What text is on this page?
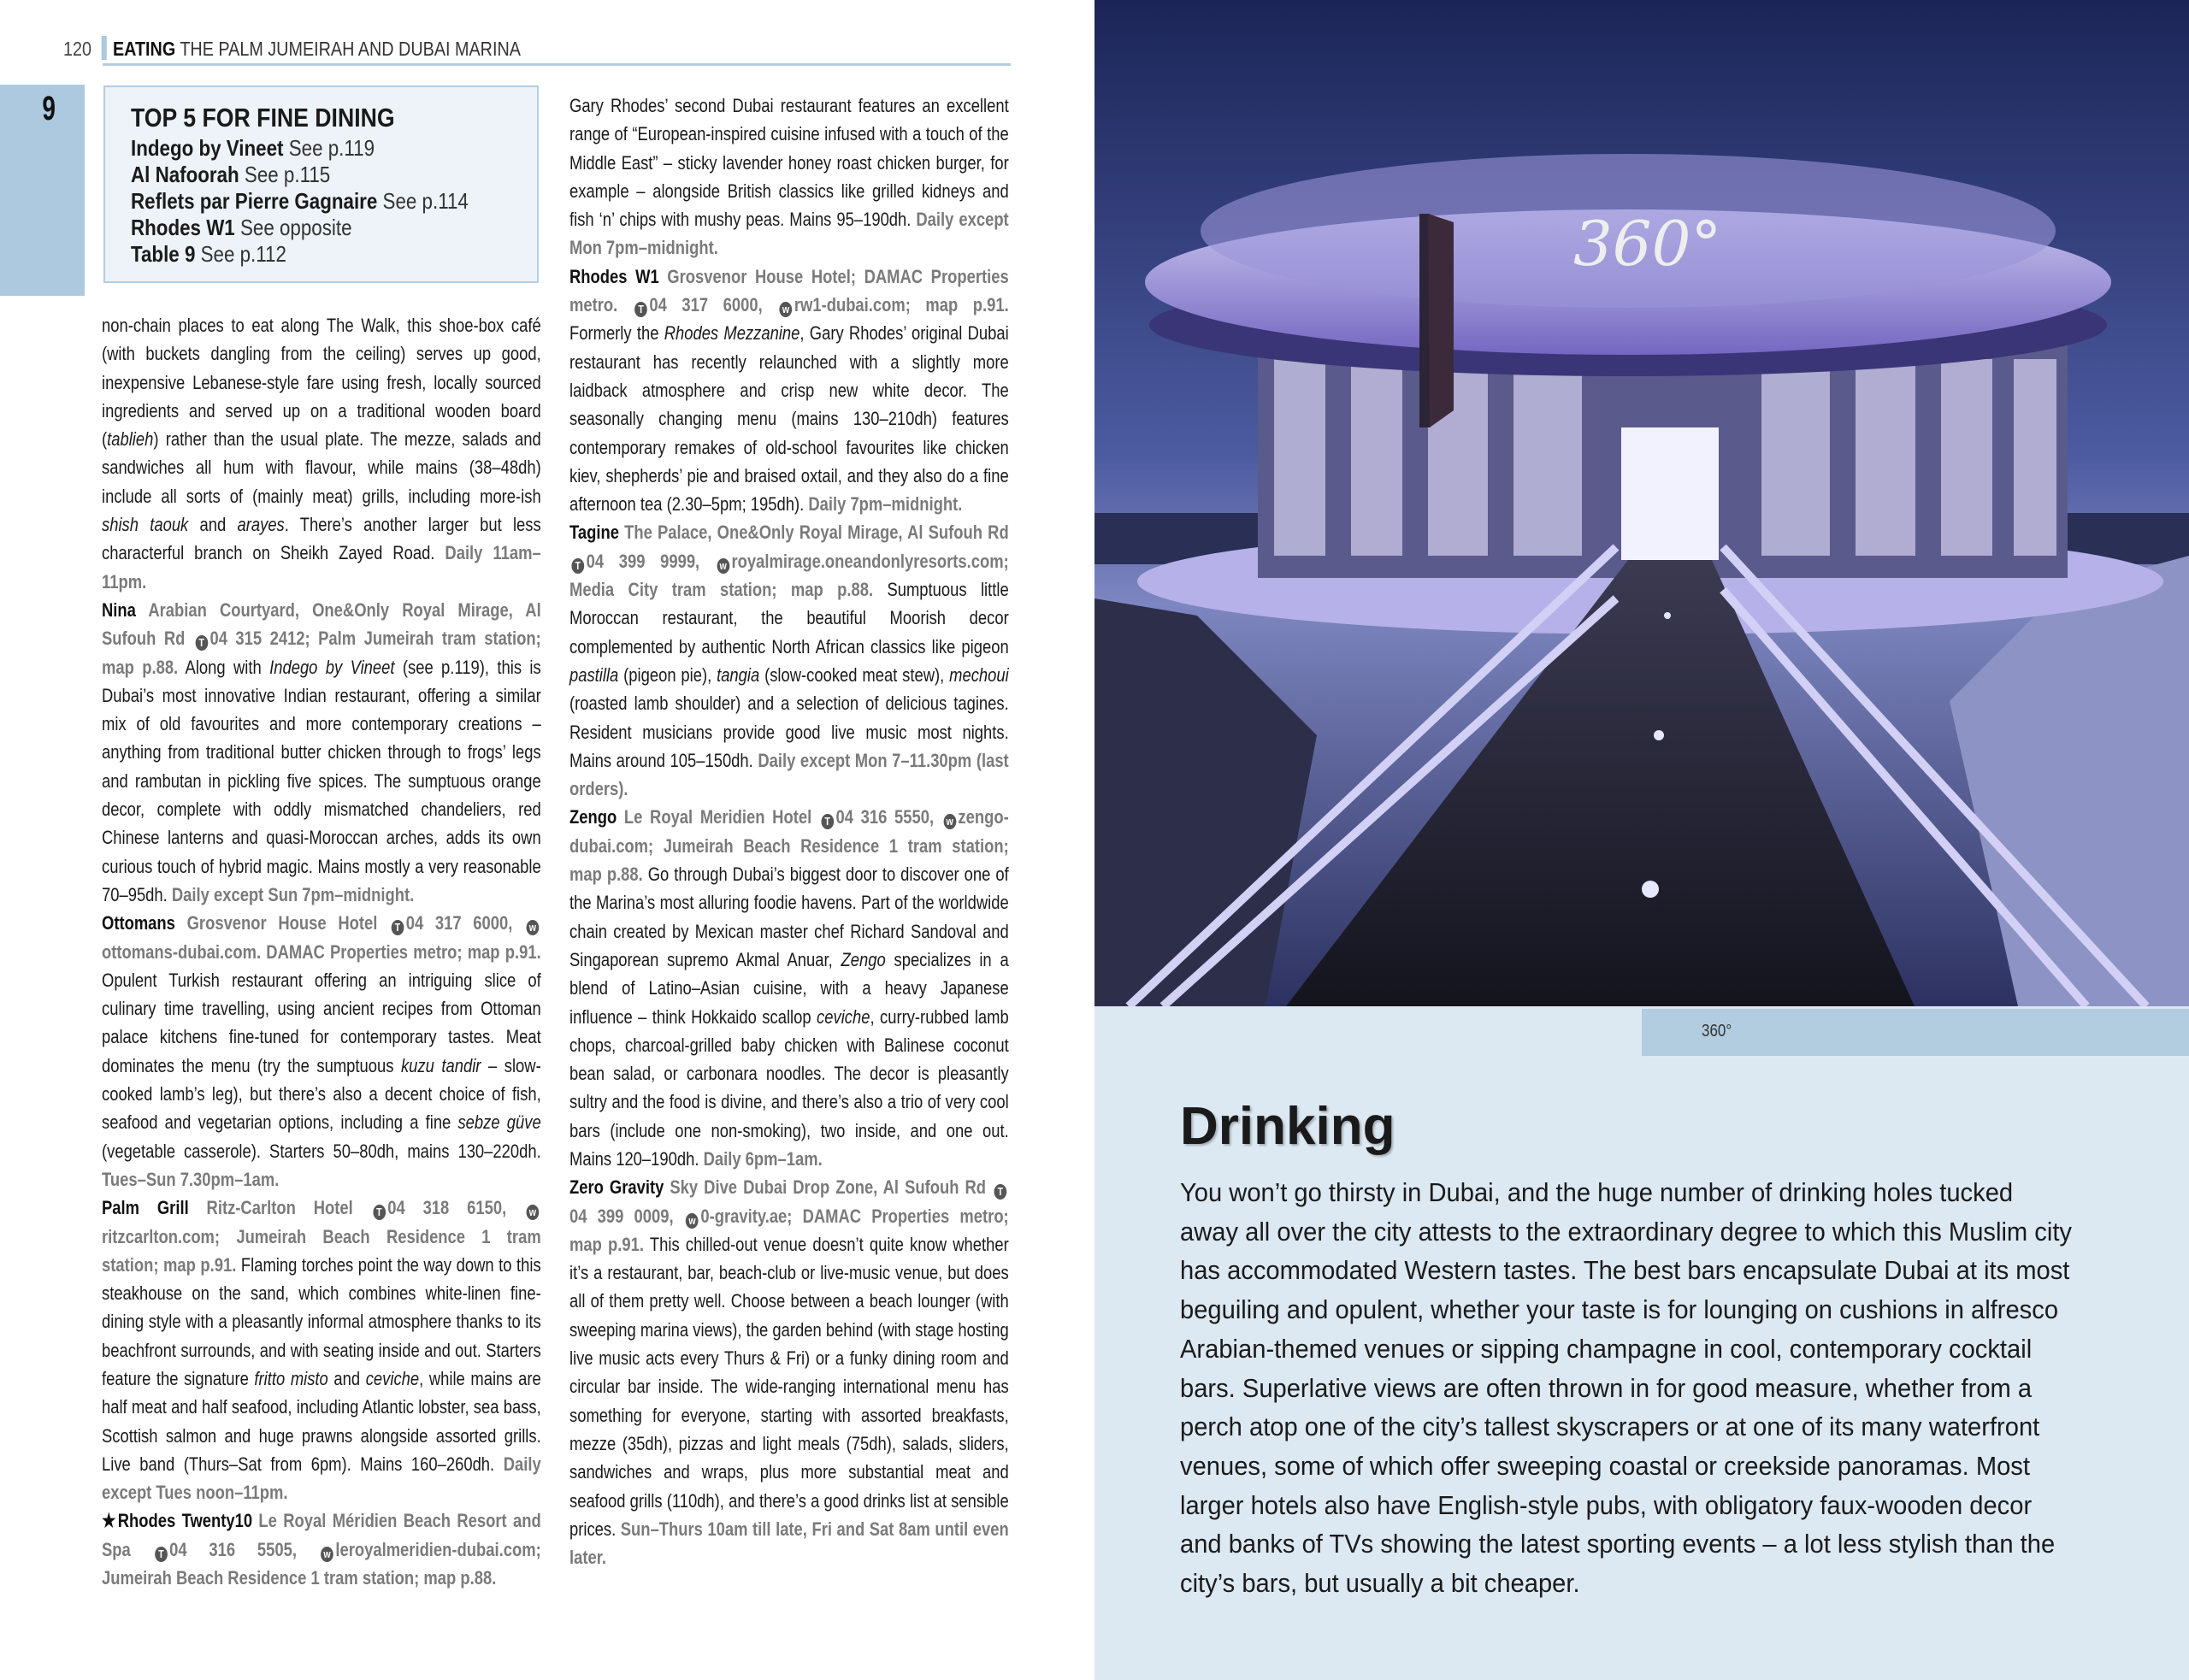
120 EATING THE PALM JUMEIRAH AND DUBAI MARINA
9	TOP 5 FOR FINE DINING
Indego by Vineet See p.119
Al Nafoorah See p.115
Reflets par Pierre Gagnaire See p.114
Rhodes W1 See opposite
Table 9 See p.112

non-chain places to eat along The Walk, this shoe-box café (with buckets dangling from the ceiling) serves up good, inexpensive Lebanese-style fare using fresh, locally sourced ingredients and served up on a traditional wooden board (tablieh) rather than the usual plate. The mezze, salads and sandwiches all hum with flavour, while mains (38–48dh) include all sorts of (mainly meat) grills, including more-ish shish taouk and arayes. There’s another larger but less characterful branch on Sheikh Zayed Road. Daily 11am–11pm.

Nina Arabian Courtyard, One&Only Royal Mirage, Al Sufouh Rd T04 315 2412; Palm Jumeirah tram station; map p.88. Along with Indego by Vineet (see p.119), this is Dubai’s most innovative Indian restaurant, offering a similar mix of old favourites and more contemporary creations – anything from traditional butter chicken through to frogs’ legs and rambutan in pickling five spices. The sumptuous orange decor, complete with oddly mismatched chandeliers, red Chinese lanterns and quasi-Moroccan arches, adds its own curious touch of hybrid magic. Mains mostly a very reasonable 70–95dh. Daily except Sun 7pm–midnight.

Ottomans Grosvenor House Hotel T04 317 6000, wottomans-dubai.com. DAMAC Properties metro; map p.91. Opulent Turkish restaurant offering an intriguing slice of culinary time travelling, using ancient recipes from Ottoman palace kitchens fine-tuned for contemporary tastes. Meat dominates the menu (try the sumptuous kuzu tandir – slow-cooked lamb’s leg), but there’s also a decent choice of fish, seafood and vegetarian options, including a fine sebze güve (vegetable casserole). Starters 50–80dh, mains 130–220dh. Tues–Sun 7.30pm–1am.

Palm Grill Ritz-Carlton Hotel T04 318 6150, writzcarlton.com; Jumeirah Beach Residence 1 tram station; map p.91. Flaming torches point the way down to this steakhouse on the sand, which combines white-linen fine-dining style with a pleasantly informal atmosphere thanks to its beachfront surrounds, and with seating inside and out. Starters feature the signature fritto misto and ceviche, while mains are half meat and half seafood, including Atlantic lobster, sea bass, Scottish salmon and huge prawns alongside assorted grills. Live band (Thurs–Sat from 6pm). Mains 160–260dh. Daily except Tues noon–11pm.

★Rhodes Twenty10 Le Royal Méridien Beach Resort and Spa T04 316 5505, wleroyalmeridien-dubai.com; Jumeirah Beach Residence 1 tram station; map p.88.

Gary Rhodes’ second Dubai restaurant features an excellent range of “European-inspired cuisine infused with a touch of the Middle East” – sticky lavender honey roast chicken burger, for example – alongside British classics like grilled kidneys and fish ‘n’ chips with mushy peas. Mains 95–190dh. Daily except Mon 7pm–midnight.

Rhodes W1 Grosvenor House Hotel; DAMAC Properties metro. T04 317 6000, wrw1-dubai.com; map p.91. Formerly the Rhodes Mezzanine, Gary Rhodes’ original Dubai restaurant has recently relaunched with a slightly more laidback atmosphere and crisp new white decor. The seasonally changing menu (mains 130–210dh) features contemporary remakes of old-school favourites like chicken kiev, shepherds’ pie and braised oxtail, and they also do a fine afternoon tea (2.30–5pm; 195dh). Daily 7pm–midnight.

Tagine The Palace, One&Only Royal Mirage, Al Sufouh Rd T04 399 9999, wroyalmirage.oneandonlyresorts.com; Media City tram station; map p.88. Sumptuous little Moroccan restaurant, the beautiful Moorish decor complemented by authentic North African classics like pigeon pastilla (pigeon pie), tangia (slow-cooked meat stew), mechoui (roasted lamb shoulder) and a selection of delicious tagines. Resident musicians provide good live music most nights. Mains around 105–150dh. Daily except Mon 7–11.30pm (last orders).

Zengo Le Royal Meridien Hotel T04 316 5550, wzengo-dubai.com; Jumeirah Beach Residence 1 tram station; map p.88. Go through Dubai’s biggest door to discover one of the Marina’s most alluring foodie havens. Part of the worldwide chain created by Mexican master chef Richard Sandoval and Singaporean supremo Akmal Anuar, Zengo specializes in a blend of Latino–Asian cuisine, with a heavy Japanese influence – think Hokkaido scallop ceviche, curry-rubbed lamb chops, charcoal-grilled baby chicken with Balinese coconut bean salad, or carbonara noodles. The decor is pleasantly sultry and the food is divine, and there’s also a trio of very cool bars (include one non-smoking), two inside, and one out. Mains 120–190dh. Daily 6pm–1am.

Zero Gravity Sky Dive Dubai Drop Zone, Al Sufouh Rd T04 399 0009, w0-gravity.ae; DAMAC Properties metro; map p.91. This chilled-out venue doesn’t quite know whether it’s a restaurant, bar, beach-club or live-music venue, but does all of them pretty well. Choose between a beach lounger (with sweeping marina views), the garden behind (with stage hosting live music acts every Thurs & Fri) or a funky dining room and circular bar inside. The wide-ranging international menu has something for everyone, starting with assorted breakfasts, mezze (35dh), pizzas and light meals (75dh), salads, sliders, sandwiches and wraps, plus more substantial meat and seafood grills (110dh), and there’s a good drinks list at sensible prices. Sun–Thurs 10am till late, Fri and Sat 8am until even later.

360°
360°
Drinking

You won’t go thirsty in Dubai, and the huge number of drinking holes tucked away all over the city attests to the extraordinary degree to which this Muslim city has accommodated Western tastes. The best bars encapsulate Dubai at its most beguiling and opulent, whether your taste is for lounging on cushions in alfresco Arabian-themed venues or sipping champagne in cool, contemporary cocktail bars. Superlative views are often thrown in for good measure, whether from a perch atop one of the city’s tallest skyscrapers or at one of its many waterfront venues, some of which offer sweeping coastal or creekside panoramas. Most larger hotels also have English-style pubs, with obligatory faux-wooden decor and banks of TVs showing the latest sporting events – a lot less stylish than the city’s bars, but usually a bit cheaper.
